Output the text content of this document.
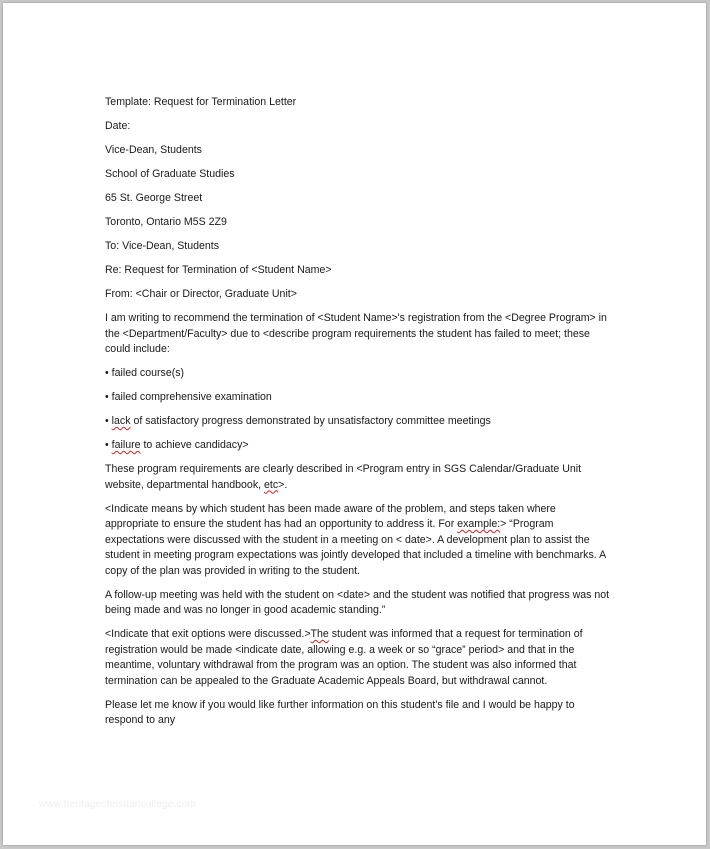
Template: Request for Termination Letter
Date:
Vice-Dean, Students
School of Graduate Studies
65 St. George Street
Toronto, Ontario M5S 2Z9
To: Vice-Dean, Students
Re: Request for Termination of <Student Name>
From: <Chair or Director, Graduate Unit>
I am writing to recommend the termination of <Student Name>'s registration from the <Degree Program> in the <Department/Faculty> due to <describe program requirements the student has failed to meet; these could include:
• failed course(s)
• failed comprehensive examination
• lack of satisfactory progress demonstrated by unsatisfactory committee meetings
• failure to achieve candidacy>
These program requirements are clearly described in <Program entry in SGS Calendar/Graduate Unit website, departmental handbook, etc>.
<Indicate means by which student has been made aware of the problem, and steps taken where appropriate to ensure the student has had an opportunity to address it. For example:> “Program expectations were discussed with the student in a meeting on < date>. A development plan to assist the student in meeting program expectations was jointly developed that included a timeline with benchmarks. A copy of the plan was provided in writing to the student.
A follow-up meeting was held with the student on <date> and the student was notified that progress was not being made and was no longer in good academic standing.”
<Indicate that exit options were discussed.>The student was informed that a request for termination of registration would be made <indicate date, allowing e.g. a week or so “grace” period> and that in the meantime, voluntary withdrawal from the program was an option. The student was also informed that termination can be appealed to the Graduate Academic Appeals Board, but withdrawal cannot.
Please let me know if you would like further information on this student's file and I would be happy to respond to any
www.heritagechristiancollege.com
